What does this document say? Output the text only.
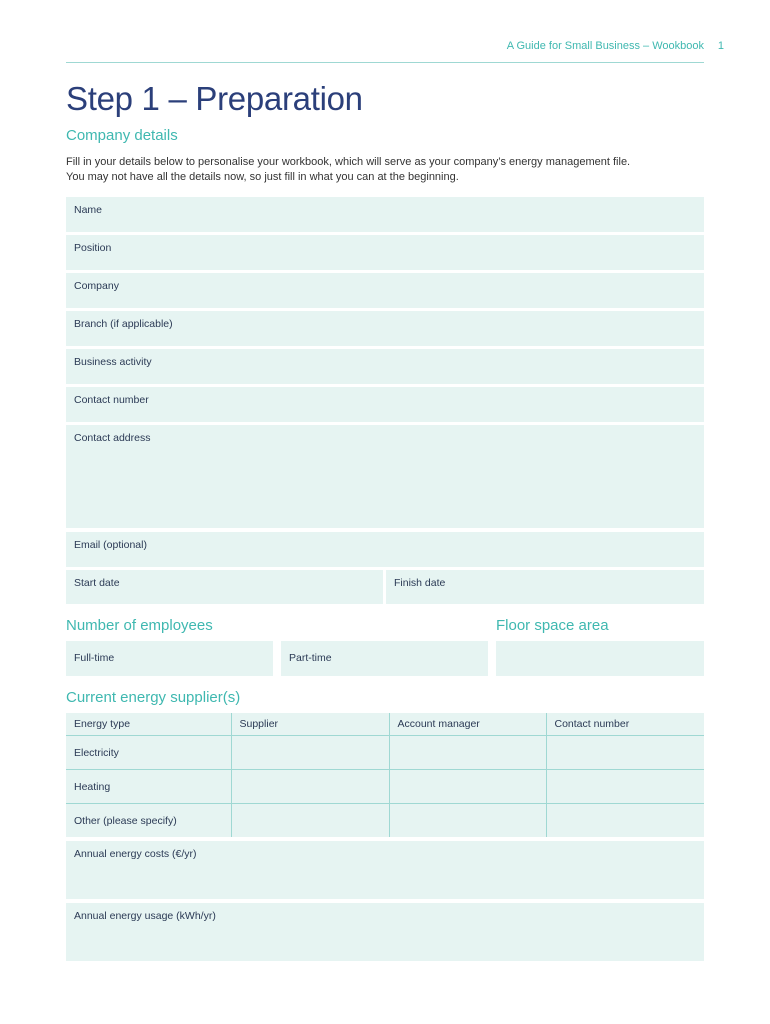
A Guide for Small Business – Wookbook 1
Step 1 – Preparation
Company details
Fill in your details below to personalise your workbook, which will serve as your company’s energy management file.
You may not have all the details now, so just fill in what you can at the beginning.
Name
Position
Company
Branch (if applicable)
Business activity
Contact number
Contact address
Email (optional)
Start date	Finish date
Number of employees	Floor space area
Full-time	Part-time
Current energy supplier(s)
Energy type	Supplier	Account manager	Contact number
Electricity			
Heating			
Other (please specify)			
Annual energy costs (€/yr)
Annual energy usage (kWh/yr)
